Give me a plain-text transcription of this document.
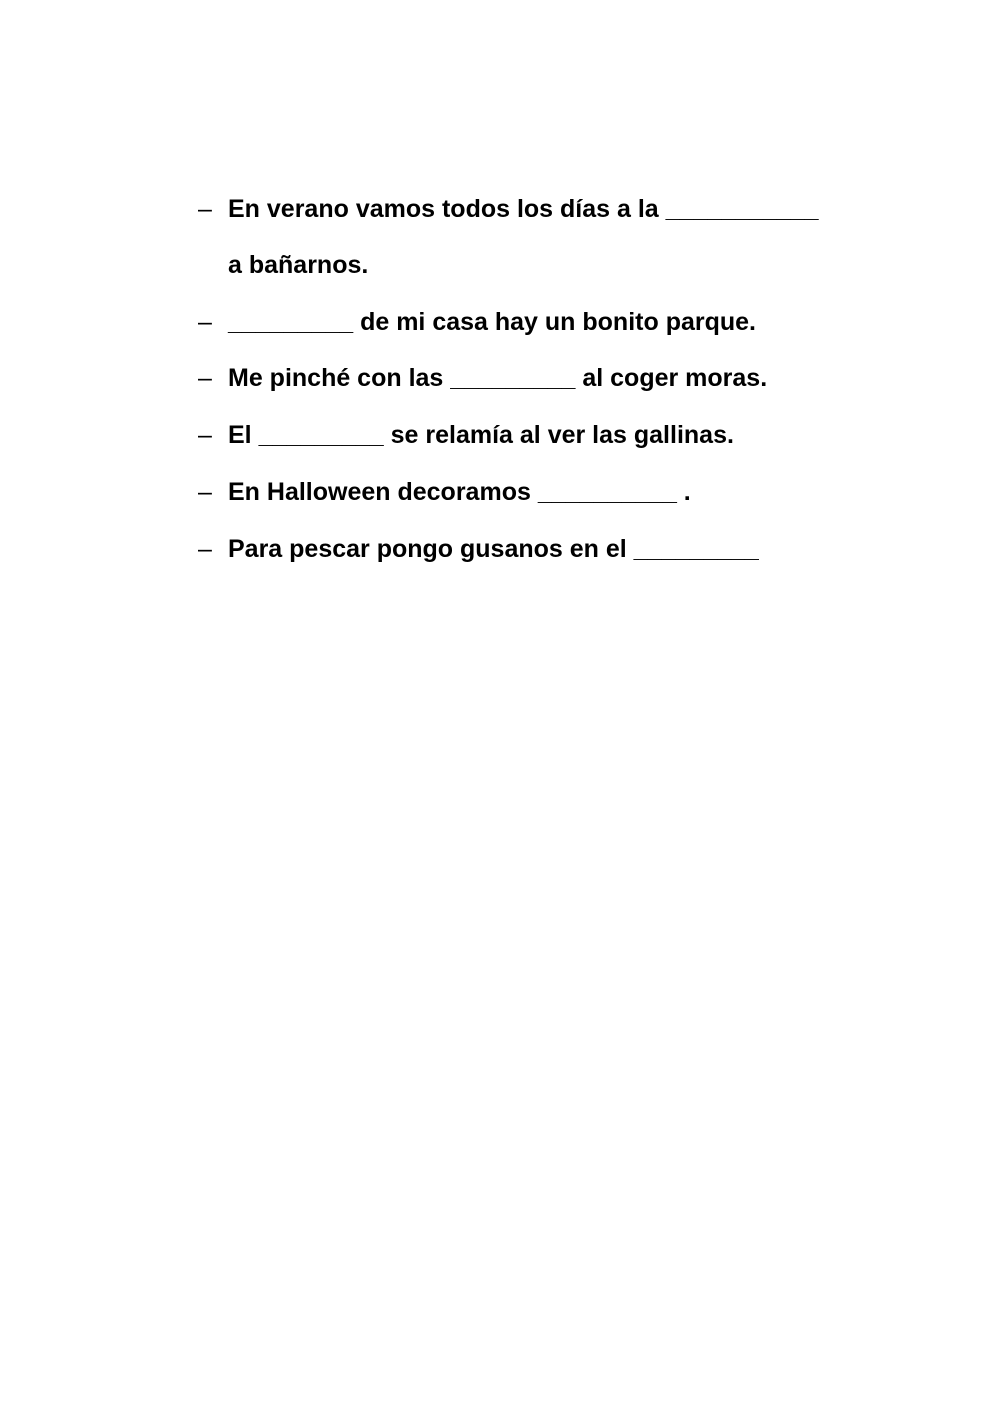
– En verano vamos todos los días a la ___________
a bañarnos.
– _________ de mi casa hay un bonito parque.
– Me pinché con las _________ al coger moras.
– El _________ se relamía al ver las gallinas.
– En Halloween decoramos __________ .
– Para pescar pongo gusanos en el _________
